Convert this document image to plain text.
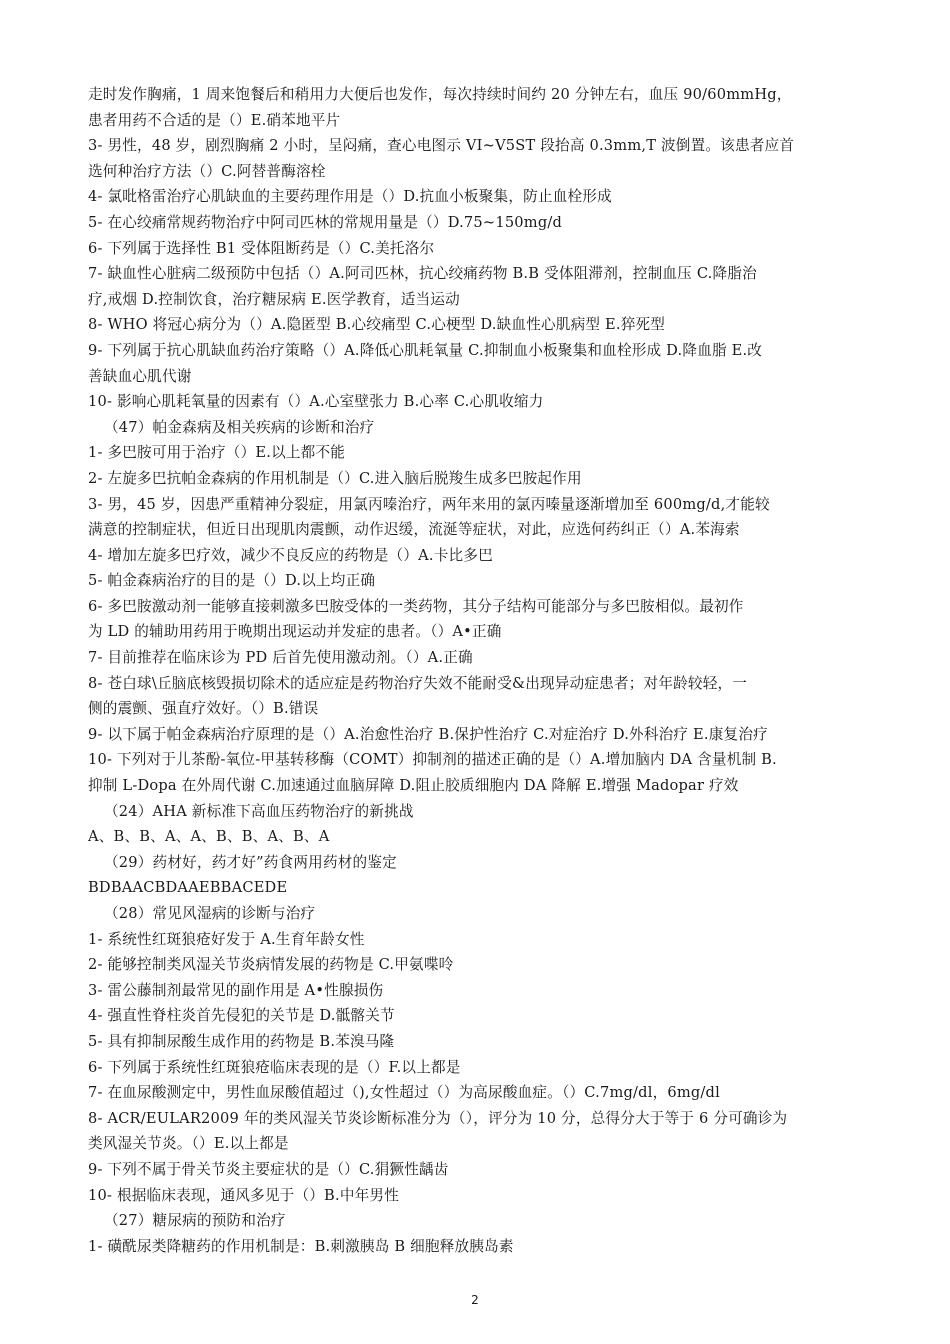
走时发作胸痛，1 周来饱餐后和稍用力大便后也发作，每次持续时间约 20 分钟左右，血压 90/60mmHg，
患者用药不合适的是（）E.硝苯地平片
3- 男性，48 岁，剧烈胸痛 2 小时，呈闷痛，查心电图示 VI~V5ST 段抬高 0.3mm,T 波倒置。该患者应首
选何种治疗方法（）C.阿替普酶溶栓
4- 氯吡格雷治疗心肌缺血的主要药理作用是（）D.抗血小板聚集，防止血栓形成
5- 在心绞痛常规药物治疗中阿司匹林的常规用量是（）D.75~150mg/d
6- 下列属于选择性 B1 受体阻断药是（）C.美托洛尔
7- 缺血性心脏病二级预防中包括（）A.阿司匹林，抗心绞痛药物 B.B 受体阻滞剂，控制血压 C.降脂治
疗,戒烟 D.控制饮食，治疗糖尿病 E.医学教育，适当运动
8- WHO 将冠心病分为（）A.隐匿型 B.心绞痛型 C.心梗型 D.缺血性心肌病型 E.猝死型
9- 下列属于抗心肌缺血药治疗策略（）A.降低心肌耗氧量 C.抑制血小板聚集和血栓形成 D.降血脂 E.改
善缺血心肌代谢
10- 影响心肌耗氧量的因素有（）A.心室壁张力 B.心率 C.心肌收缩力
（47）帕金森病及相关疾病的诊断和治疗
1- 多巴胺可用于治疗（）E.以上都不能
2- 左旋多巴抗帕金森病的作用机制是（）C.进入脑后脱羧生成多巴胺起作用
3- 男，45 岁，因患严重精神分裂症，用氯丙嗪治疗，两年来用的氯丙嗪量逐渐增加至 600mg/d,才能较
满意的控制症状，但近日出现肌肉震颤，动作迟缓，流涎等症状，对此，应选何药纠正（）A.苯海索
4- 增加左旋多巴疗效，减少不良反应的药物是（）A.卡比多巴
5- 帕金森病治疗的目的是（）D.以上均正确
6- 多巴胺激动剂一能够直接刺激多巴胺受体的一类药物，其分子结构可能部分与多巴胺相似。最初作
为 LD 的辅助用药用于晚期出现运动并发症的患者。（）A•正确
7- 目前推荐在临床诊为 PD 后首先使用激动剂。（）A.正确
8- 苍白球\丘脑底核毁损切除术的适应症是药物治疗失效不能耐受&出现异动症患者；对年龄较轻，一
侧的震颤、强直疗效好。（）B.错误
9- 以下属于帕金森病治疗原理的是（）A.治愈性治疗 B.保护性治疗 C.对症治疗 D.外科治疗 E.康复治疗
10- 下列对于儿茶酚-氧位-甲基转移酶（COMT）抑制剂的描述正确的是（）A.增加脑内 DA 含量机制 B.
抑制 L-Dopa 在外周代谢 C.加速通过血脑屏障 D.阻止胶质细胞内 DA 降解 E.增强 Madopar 疗效
（24）AHA 新标准下高血压药物治疗的新挑战
A、B、B、A、A、B、B、A、B、A
（29）药材好，药才好”药食两用药材的鉴定
BDBAACBDAAEBBACEDE
（28）常见风湿病的诊断与治疗
1- 系统性红斑狼疮好发于 A.生育年龄女性
2- 能够控制类风湿关节炎病情发展的药物是 C.甲氨喋呤
3- 雷公藤制剂最常见的副作用是 A•性腺损伤
4- 强直性脊柱炎首先侵犯的关节是 D.骶髂关节
5- 具有抑制尿酸生成作用的药物是 B.苯溴马隆
6- 下列属于系统性红斑狼疮临床表现的是（）F.以上都是
7- 在血尿酸测定中，男性血尿酸值超过（),女性超过（）为高尿酸血症。（）C.7mg/dl，6mg/dl
8- ACR/EULAR2009 年的类风湿关节炎诊断标准分为（），评分为 10 分，总得分大于等于 6 分可确诊为
类风湿关节炎。（）E.以上都是
9- 下列不属于骨关节炎主要症状的是（）C.狷獗性龋齿
10- 根据临床表现，通风多见于（）B.中年男性
（27）糖尿病的预防和治疗
1- 磺酰尿类降糖药的作用机制是：B.刺激胰岛 B 细胞释放胰岛素
2
